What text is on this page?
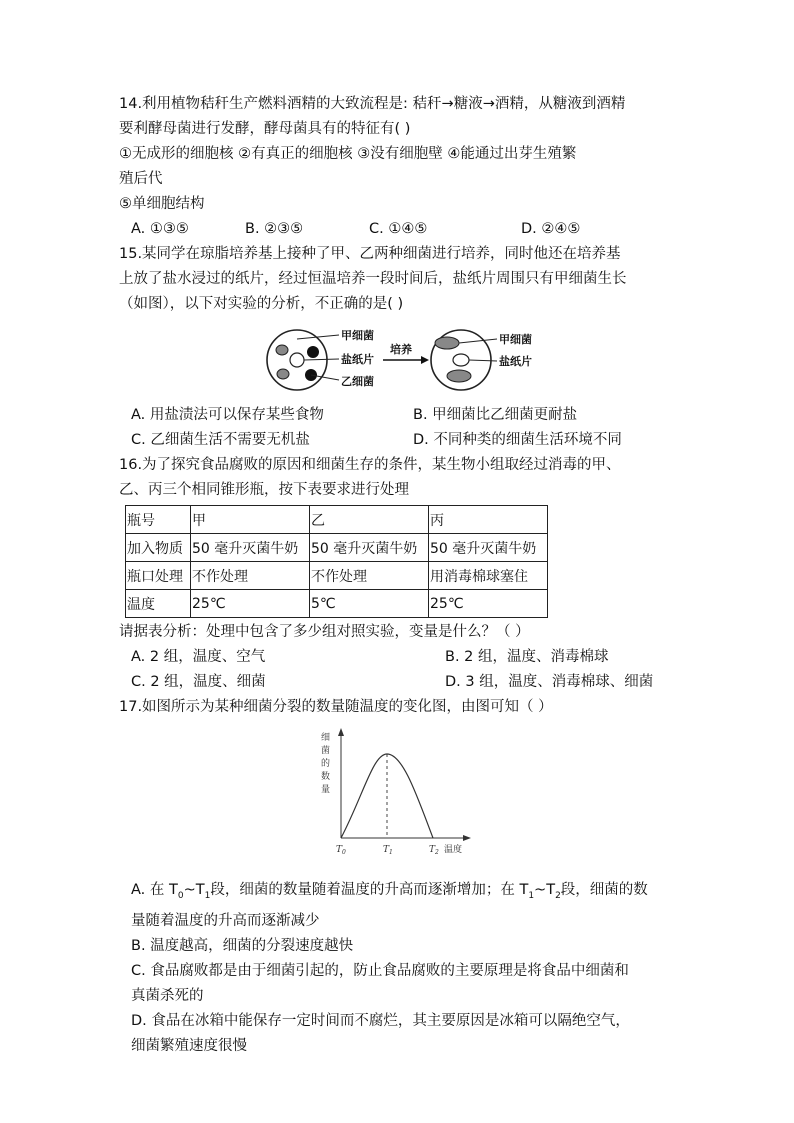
14.利用植物秸秆生产燃料酒精的大致流程是: 秸秆→糖液→酒精，从糖液到酒精
要利酵母菌进行发酵，酵母菌具有的特征有( )
①无成形的细胞核 ②有真正的细胞核 ③没有细胞壁 ④能通过出芽生殖繁
殖后代
⑤单细胞结构
A. ①③⑤	B. ②③⑤	C. ①④⑤	D. ②④⑤
15.某同学在琼脂培养基上接种了甲、乙两种细菌进行培养，同时他还在培养基
上放了盐水浸过的纸片，经过恒温培养一段时间后，盐纸片周围只有甲细菌生长
（如图），以下对实验的分析，不正确的是( )
甲细菌
盐纸片
乙细菌
培养
甲细菌
盐纸片
A. 用盐渍法可以保存某些食物	B. 甲细菌比乙细菌更耐盐
C. 乙细菌生活不需要无机盐	D. 不同种类的细菌生活环境不同
16.为了探究食品腐败的原因和细菌生存的条件，某生物小组取经过消毒的甲、
乙、丙三个相同锥形瓶，按下表要求进行处理
瓶号	甲	乙	丙
加入物质	50 毫升灭菌牛奶	50 毫升灭菌牛奶	50 毫升灭菌牛奶
瓶口处理	不作处理	不作处理	用消毒棉球塞住
温度	25℃	5℃	25℃
请据表分析：处理中包含了多少组对照实验，变量是什么？（ ）
A. 2 组，温度、空气	B. 2 组，温度、消毒棉球
C. 2 组，温度、细菌	D. 3 组，温度、消毒棉球、细菌
17.如图所示为某种细菌分裂的数量随温度的变化图，由图可知（ ）
细
菌
的
数
量
$T_0$	$T_1$	$T_2$ 温度
A. 在 T0~T1段，细菌的数量随着温度的升高而逐渐增加；在 T1~T2段，细菌的数
量随着温度的升高而逐渐减少
B. 温度越高，细菌的分裂速度越快
C. 食品腐败都是由于细菌引起的，防止食品腐败的主要原理是将食品中细菌和
真菌杀死的
D. 食品在冰箱中能保存一定时间而不腐烂，其主要原因是冰箱可以隔绝空气，
细菌繁殖速度很慢
